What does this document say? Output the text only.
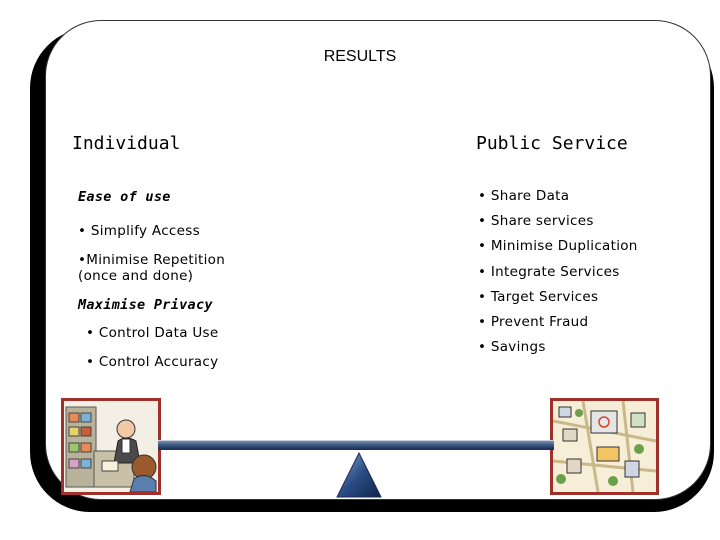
RESULTS
Individual	Public Service
Ease of use
• Simplify Access
•Minimise Repetition
(once and done)
Maximise Privacy
• Control Data Use
• Control Accuracy
• Share Data
• Share services
• Minimise Duplication
• Integrate Services
• Target Services
• Prevent Fraud
• Savings
